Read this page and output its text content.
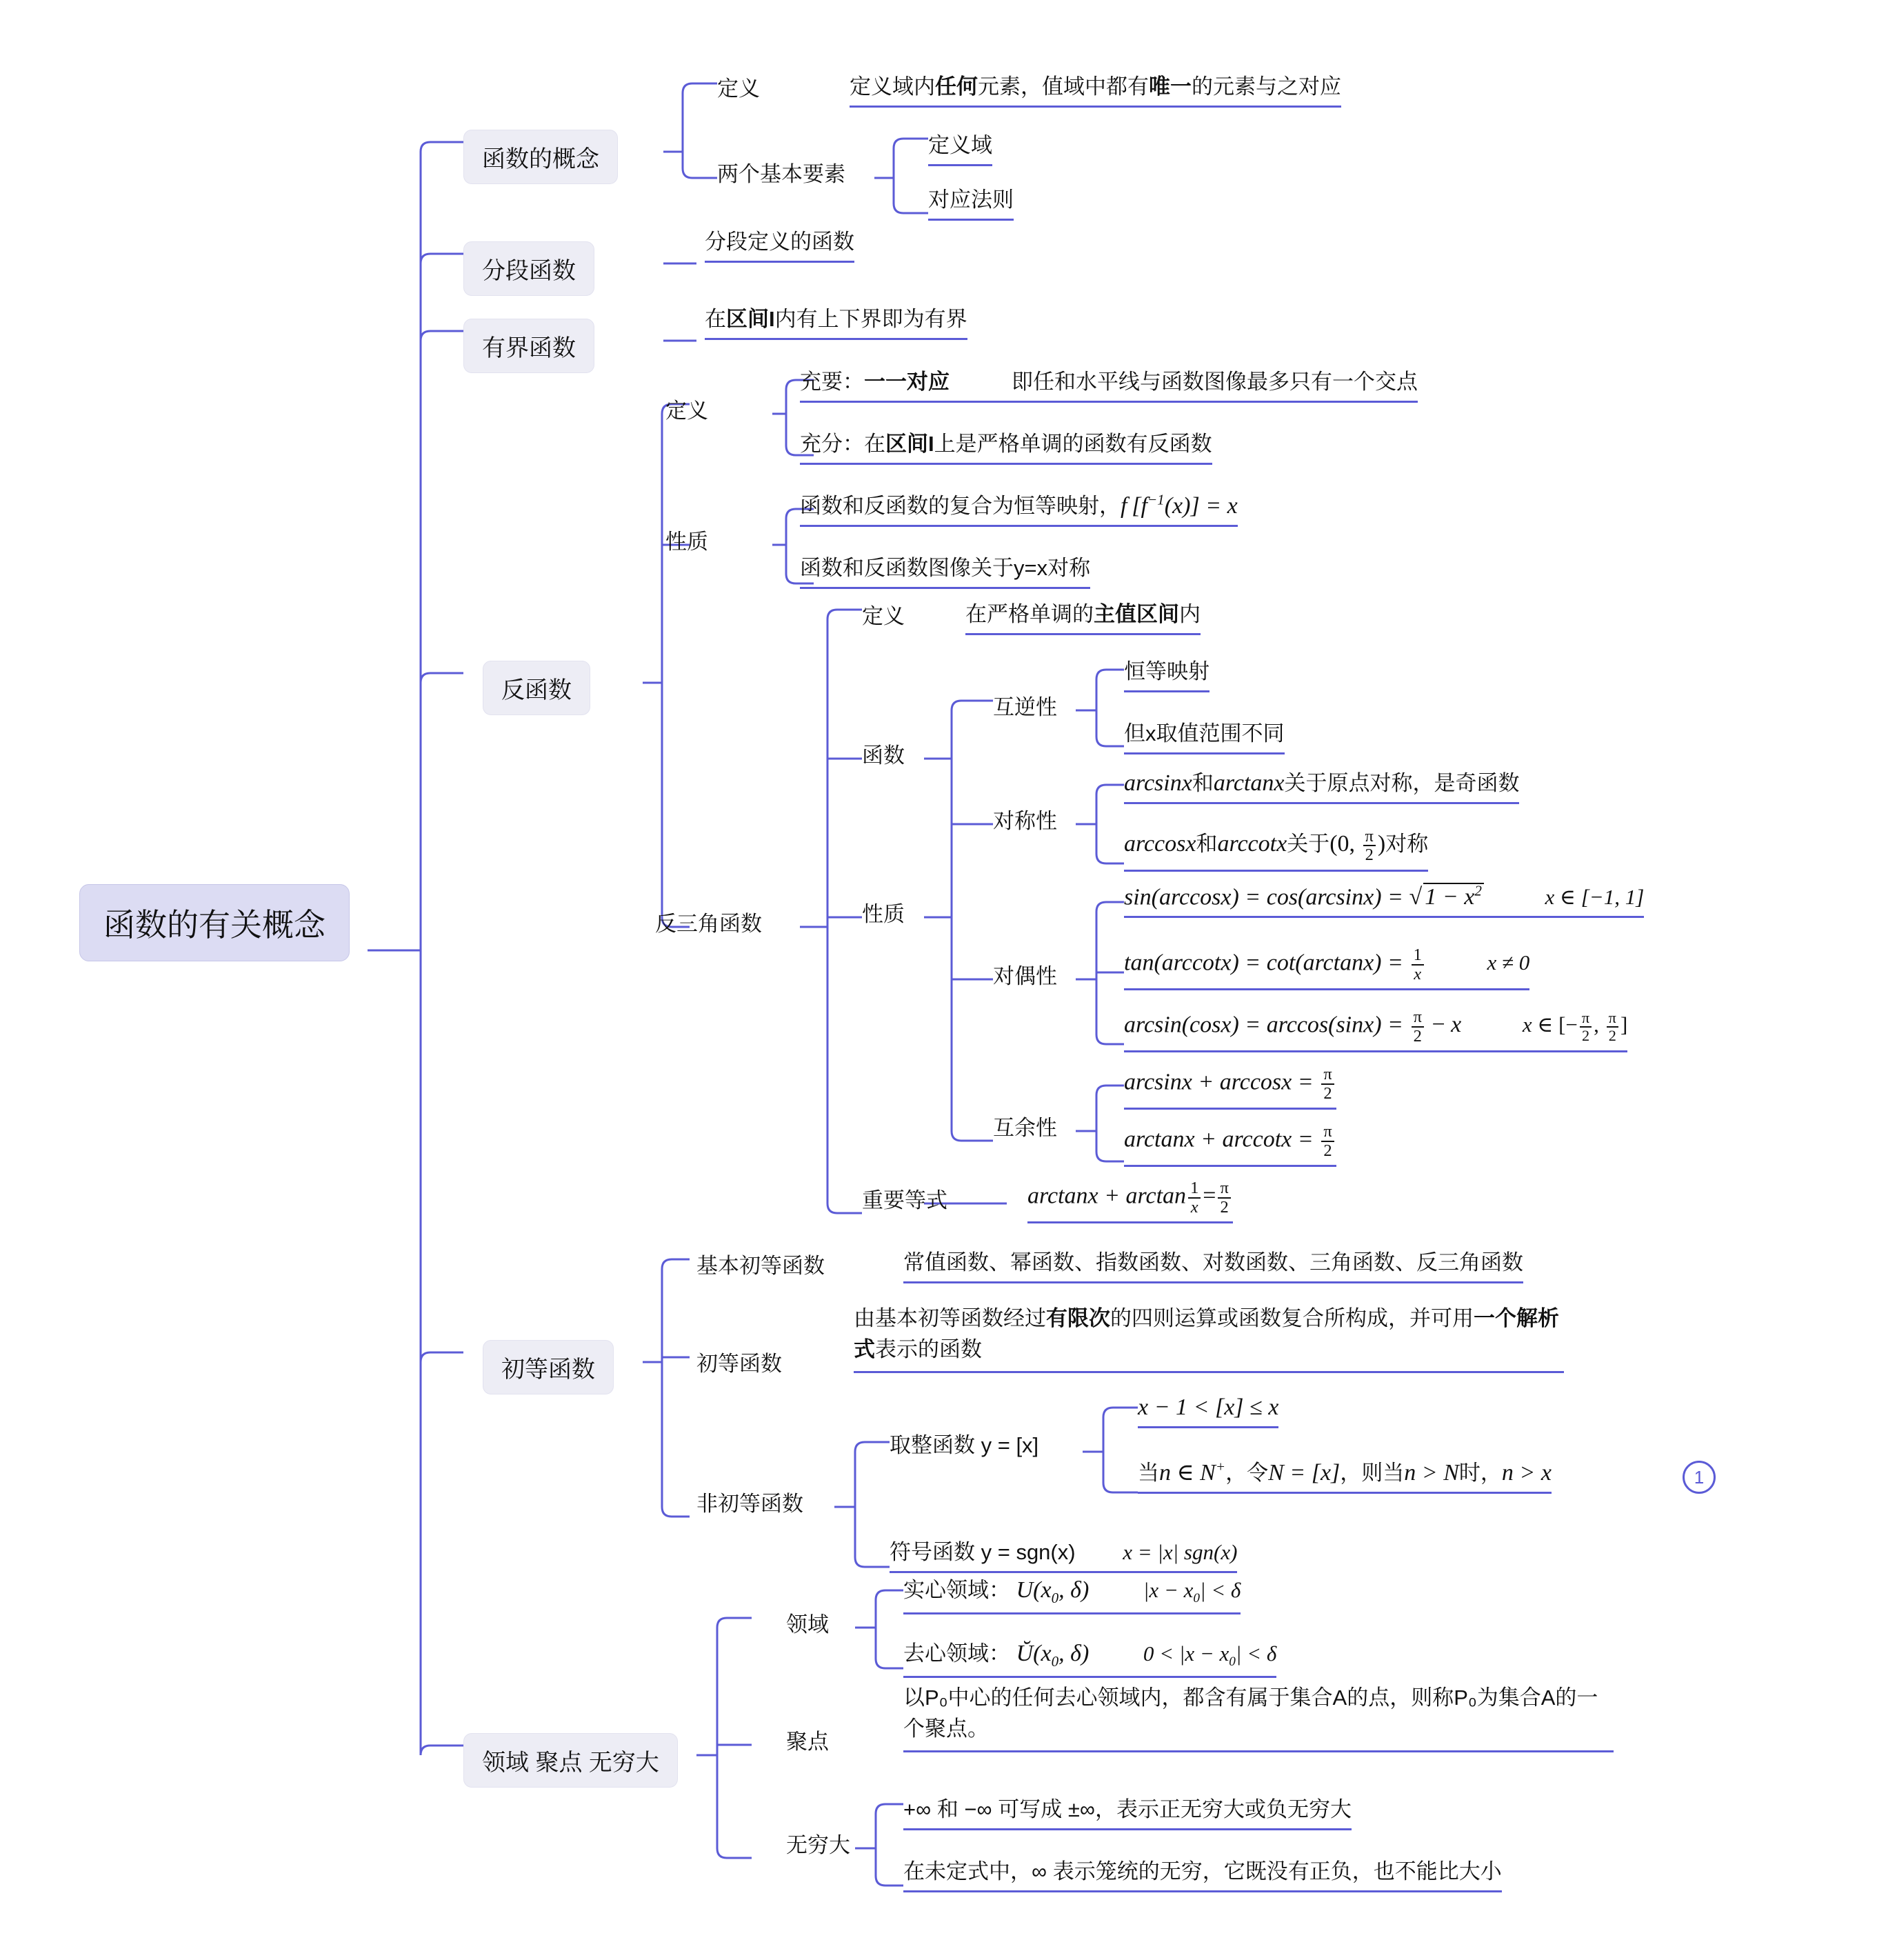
函数的有关概念
函数的概念
定义	定义域内任何元素，值域中都有唯一的元素与之对应
两个基本要素
定义域
对应法则
分段函数
分段定义的函数
有界函数
在区间I内有上下界即为有界
反函数
定义
充要：一一对应	即任和水平线与函数图像最多只有一个交点
充分：在区间I上是严格单调的函数有反函数
性质
函数和反函数的复合为恒等映射，f $[f^{-1}(x)] = x$
函数和反函数图像关于y=x对称
反三角函数
定义	在严格单调的主值区间内
函数
性质
互逆性
恒等映射
但x取值范围不同
对称性
arcsinx和arctanx关于原点对称，是奇函数
arccosx和arccotx关于(0, $\frac{\pi}{2}$ )对称
对偶性
sin(arccosx) = cos(arcsinx) = √ $1 - x^2$	x ∈ [−1, 1]
$\tan(arccotx) = \cot(\arctan x) = \frac{1}{x}$	x ≠ 0
$\arcsin(\cos x) = \arccos(\sin x) = \frac{\pi}{2} - x$	x ∈ [− $\frac{\pi}{2}$ , $\frac{\pi}{2}$ ]
互余性
$\arcsin x + \arccos x = \frac{\pi}{2}$
$\arctan x + arccotx = \frac{\pi}{2}$
重要等式	$\arctan x + \arctan \frac{1}{x} = \frac{\pi}{2}$
初等函数
基本初等函数	常值函数、幂函数、指数函数、对数函数、三角函数、反三角函数
初等函数
由基本初等函数经过有限次的四则运算或函数复合所构成，并可用一个解析式表示的函数
非初等函数
取整函数 y = [x]
x − 1 < [x] ≤ x
当n ∈ N+，令N = [x]，则当n > N时，n > x	1
符号函数 y = sgn(x) x = |x| sgn(x)
领域 聚点 无穷大
领域
实心领域： $U(x_0$, δ)	$|x - x_0| < \delta$
去心领域： $Ŭ(x_0$, δ)	$0 < |x - x_0| < \delta$
聚点
以P₀中心的任何去心领域内，都含有属于集合A的点，则称P₀为集合A的一个聚点。
无穷大
+∞ 和 −∞ 可写成 ±∞，表示正无穷大或负无穷大
在未定式中，∞ 表示笼统的无穷，它既没有正负，也不能比大小
